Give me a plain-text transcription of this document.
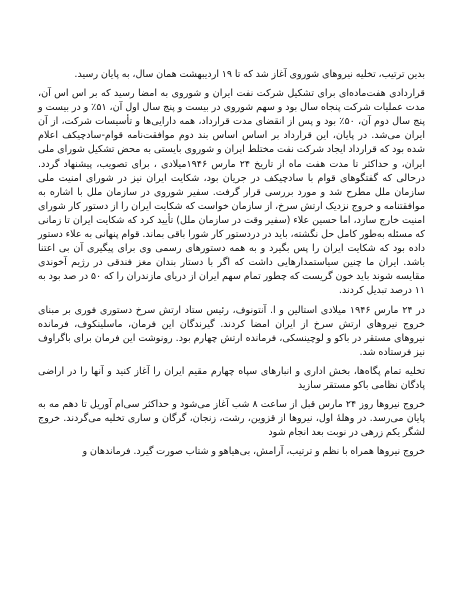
بدین ترتیب، تخلیه نیروهای شوروی آغاز شد که تا ۱۹ اردیبهشت همان سال، به پایان رسید.

قرارداد‌ی هفت‌ماده‌ای برای تشکیل شرکت نفت ایران و شوروی به امضا رسید که بر اس اس آن، مدت عملیات شرکت پنجاه سال بود و سهم شوروی در بیست و پنج سال اول آن، ۵۱٪ و در بیست و پنج سال دوم آن، ۵۰٪ بود و پس از انقضای مدت قرارداد، همه دارایی‌ها و تأسیسات شرکت، از آن ایران می‌شد. در پایان، این قرارداد بر اساس اساس بند دوم موافقت‌نامه قوام‌-سادچیکف اعلام شده بود که قرارداد ایجاد شرکت نفت مختلط ایران و شوروی بایستی به محض تشکیل شورای ملی ایران، و حداکثر تا مدت هفت ماه از تاریخ ۲۴ مارس ۱۹۴۶میلادی ، برای تصویب، پیشنهاد گردد. درحالی که گفتگوهای قوام با سادچیکف در جریان بود، شکایت ایران نیز در شورای امنیت ملی سازمان ملل مطرح شد و مورد بررسی قرار گرفت. سفیر شوروی در سازمان ملل با اشاره به موافقتنامه و خروج نزدیک ارتش سرخ، از سازمان خواست که شکایت ایران را از دستور کار شورای امنیت خارج سازد، اما حسین علاء (سفیر وقت در سازمان ملل) تأیید کرد که شکایت ایران تا زمانی که مسئله به‌طور کامل حل نگشته، باید در دردستور کار شورا باقی بماند. قوام پنهانی به علاء دستور داده بود که شکایت ایران را پس بگیرد و به همه دستورهای رسمی وی برای پیگیری آن بی اعتنا باشد. ایران ما چنین سیاستمدارهایی داشت که اگر با دستار بندان مغز فندقی در رژیم آخوندی مقایسه شوند باید خون گریست که چطور تمام سهم ایران از دریای مازندران را که ۵۰ در صد بود به ۱۱ درصد تبدیل کردند.

در ۲۴ مارس ۱۹۴۶ میلادی استالین و ا. آنتونوف، رئیس ستاد ارتش سرخ دستوری فوری بر مبنای خروج نیروهای ارتش سرخ از ایران امضا کردند. گیرندگان این فرمان، ماسلینکوف، فرمانده نیروهای مستقر در باکو و لوچینسکی، فرمانده ارتش چهارم بود. رونوشت این فرمان برای باگراوف نیز فرستاده شد.

تخلیه تمام پگاه‌ها، بخش اداری و انبارهای سپاه چهارم مقیم ایران را آغاز کنید و آنها را در اراضی پادگان نظامی باکو مستقر سازید

خروج نیروها روز ۲۴ مارس قبل از ساعت ۸ شب آغاز می‌شود و حداکثر سی‌ام آوریل تا دهم مه به پایان می‌رسد. در وهلهٔ اول، نیروها از قزوین، رشت، زنجان، گرگان و ساری تخلیه می‌گردند. خروج لشگر یکم زرهی در نوبت بعد انجام شود

خروج نیروها همراه با نظم و ترتیب، آرامش، بی‌هیاهو و شتاب صورت گیرد. فرماندهان و
